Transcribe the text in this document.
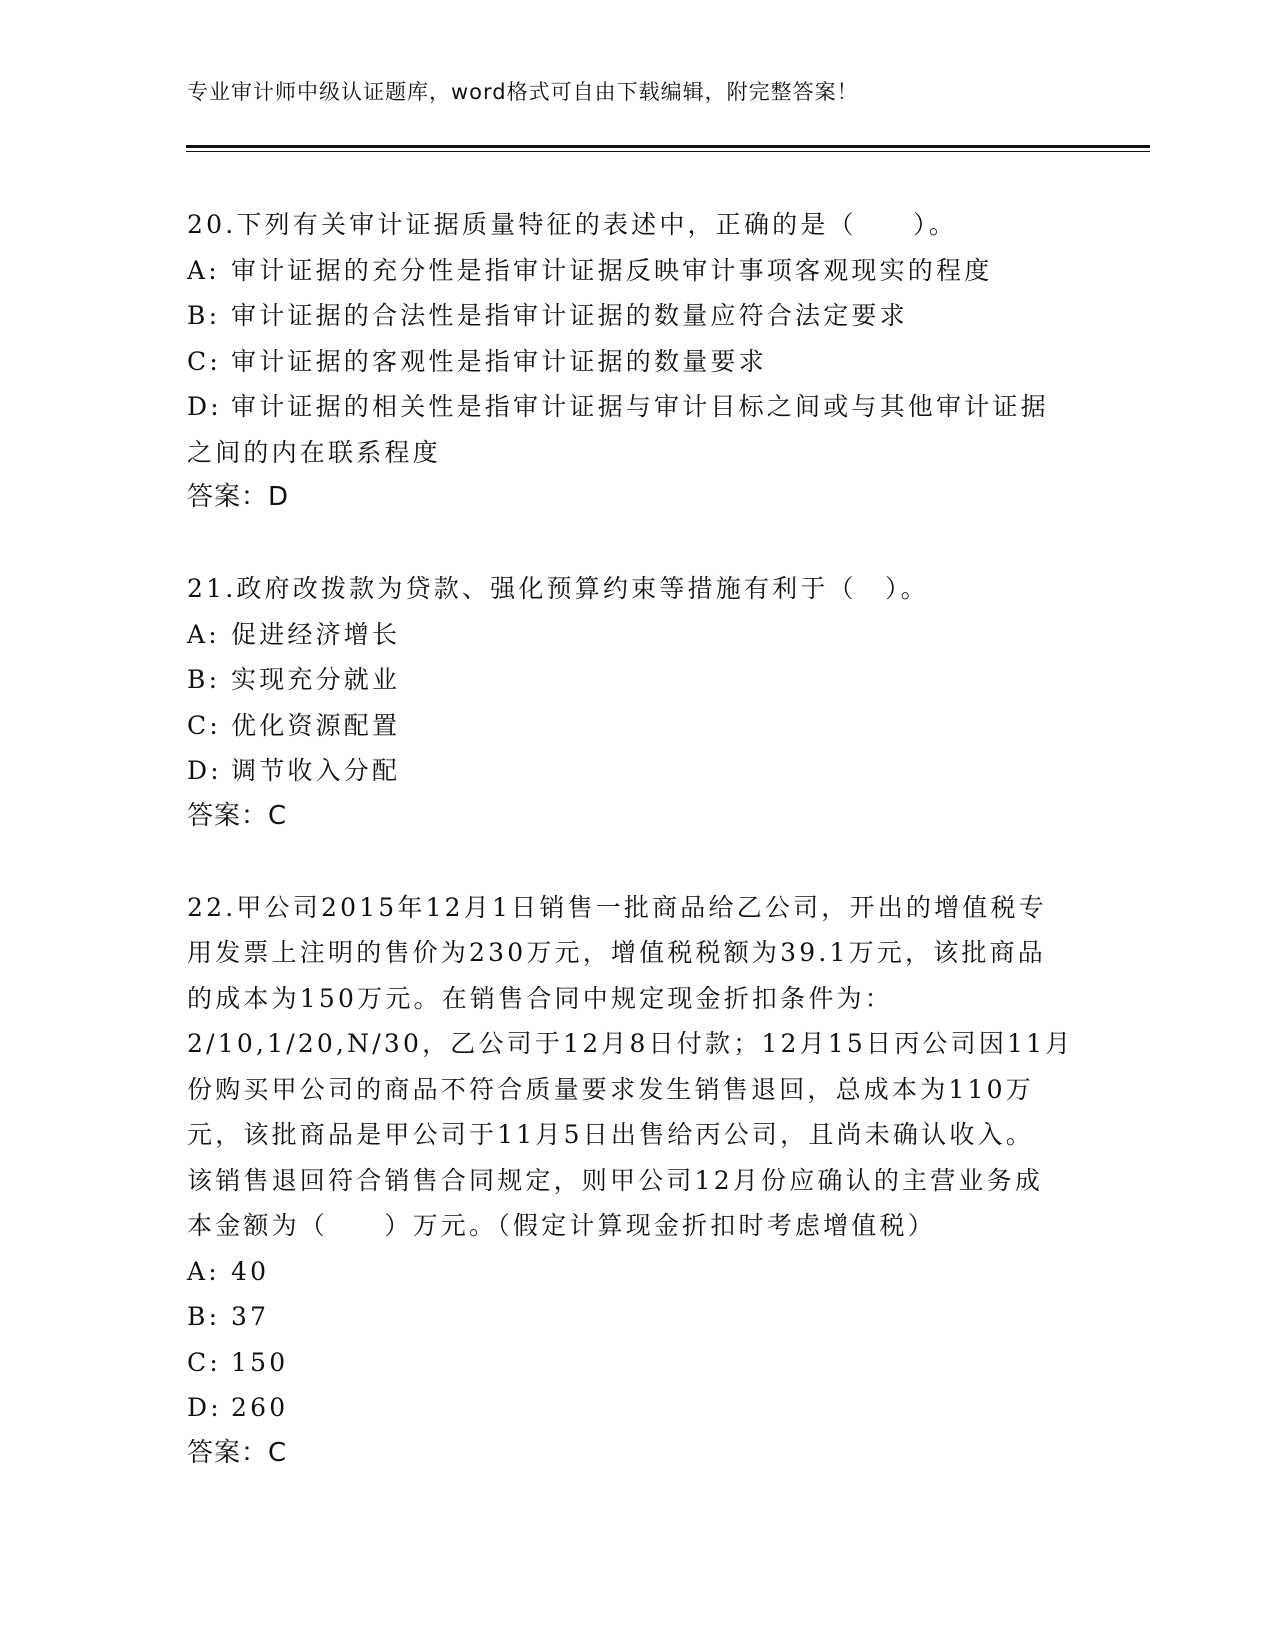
专业审计师中级认证题库，word格式可自由下载编辑，附完整答案！
20.下列有关审计证据质量特征的表述中，正确的是（　　）。
A: 审计证据的充分性是指审计证据反映审计事项客观现实的程度
B: 审计证据的合法性是指审计证据的数量应符合法定要求
C: 审计证据的客观性是指审计证据的数量要求
D: 审计证据的相关性是指审计证据与审计目标之间或与其他审计证据
之间的内在联系程度
答案：D
21.政府改拨款为贷款、强化预算约束等措施有利于（　）。
A: 促进经济增长
B: 实现充分就业
C: 优化资源配置
D: 调节收入分配
答案：C
22.甲公司2015年12月1日销售一批商品给乙公司，开出的增值税专
用发票上注明的售价为230万元，增值税税额为39.1万元，该批商品
的成本为150万元。在销售合同中规定现金折扣条件为：
2/10,1/20,N/30，乙公司于12月8日付款；12月15日丙公司因11月
份购买甲公司的商品不符合质量要求发生销售退回，总成本为110万
元，该批商品是甲公司于11月5日出售给丙公司，且尚未确认收入。
该销售退回符合销售合同规定，则甲公司12月份应确认的主营业务成
本金额为（　　）万元。（假定计算现金折扣时考虑增值税）
A: 40
B: 37
C: 150
D: 260
答案：C
